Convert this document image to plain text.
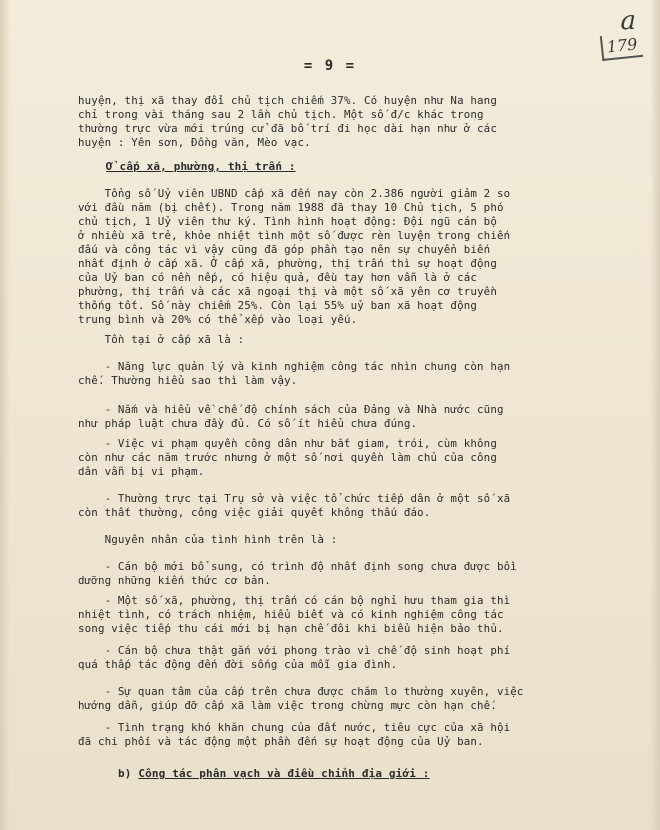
a
179
= 9 =
huyện, thị xã thay đổi chủ tịch chiếm 37%. Có huyện như Na hang
chỉ trong vài tháng sau 2 lần chủ tịch. Một số đ/c khác trong
thường trực vừa mới trúng cử đã bố trí đi học dài hạn như ở các
huyện : Yên sơn, Đồng văn, Mèo vạc.
Ở cấp xã, phường, thị trấn :
Tổng số Uỷ viên UBND cấp xã đến nay còn 2.386 người giảm 2 so
với đầu năm (bị chết). Trong năm 1988 đã thay 10 Chủ tịch, 5 phó
chủ tịch, 1 Uỷ viên thư ký. Tình hình hoạt động: Đội ngũ cán bộ
ở nhiều xã trẻ, khỏe nhiệt tình một số được rèn luyện trong chiến
đấu và công tác vì vậy cũng đã góp phần tạo nên sự chuyển biến
nhất định ở cấp xã. Ở cấp xã, phường, thị trấn thì sự hoạt động
của Uỷ ban có nền nếp, có hiệu quả, đều tay hơn vẫn là ở các
phường, thị trấn và các xã ngoại thị và một số xã yên cơ truyền
thống tốt. Số này chiếm 25%. Còn lại 55% uỷ ban xã hoạt động
trung bình và 20% có thể xếp vào loại yếu.
Tồn tại ở cấp xã là :
- Năng lực quản lý và kinh nghiệm công tác nhìn chung còn hạn
chế. Thường hiểu sao thì làm vậy.
- Nắm và hiểu về chế độ chính sách của Đảng và Nhà nước cũng
như pháp luật chưa đầy đủ. Có số ít hiểu chưa đúng.
- Việc vi phạm quyền công dân như bắt giam, trói, cùm không
còn như các năm trước nhưng ở một số nơi quyền làm chủ của công
dân vẫn bị vi phạm.
- Thường trực tại Trụ sở và việc tổ chức tiếp dân ở một số xã
còn thất thường, công việc giải quyết không thấu đáo.
Nguyên nhân của tình hình trên là :
- Cán bộ mới bổ sung, có trình độ nhất định song chưa được bồi
dưỡng những kiến thức cơ bản.
- Một số xã, phường, thị trấn có cán bộ nghỉ hưu tham gia thì
nhiệt tình, có trách nhiệm, hiểu biết và có kinh nghiệm công tác
song việc tiếp thu cái mới bị hạn chế đôi khi biểu hiện bảo thủ.
- Cán bộ chưa thật gắn với phong trào vì chế độ sinh hoạt phí
quá thấp tác động đến đời sống của mỗi gia đình.
- Sự quan tâm của cấp trên chưa được chăm lo thường xuyên, việc
hướng dẫn, giúp đỡ cấp xã làm việc trong chừng mực còn hạn chế.
- Tình trạng khó khăn chung của đất nước, tiêu cực của xã hội
đã chi phối và tác động một phần đến sự hoạt động của Uỷ ban.
b) Công tác phân vạch và điều chỉnh địa giới :
